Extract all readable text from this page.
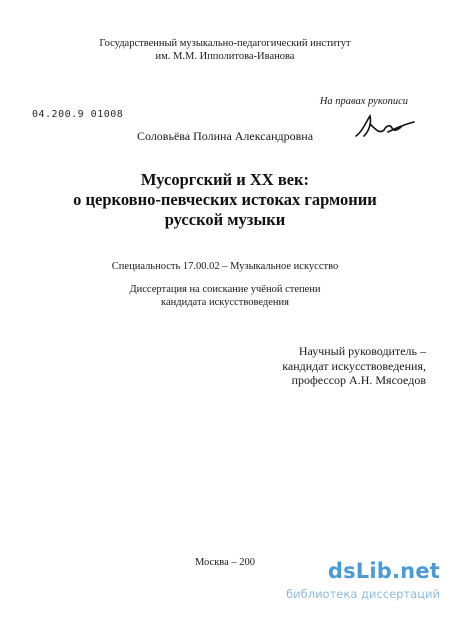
Государственный музыкально-педагогический институт
им. М.М. Ипполитова-Иванова
На правах рукописи
04.200.9 01008
Соловьёва Полина Александровна
Мусоргский и XX век:
о церковно-певческих истоках гармонии
русской музыки
Специальность 17.00.02 – Музыкальное искусство
Диссертация на соискание учёной степени
кандидата искусствоведения
Научный руководитель –
кандидат искусствоведения,
профессор А.Н. Мясоедов
Москва – 200	dsLib.net
библиотека диссертаций
